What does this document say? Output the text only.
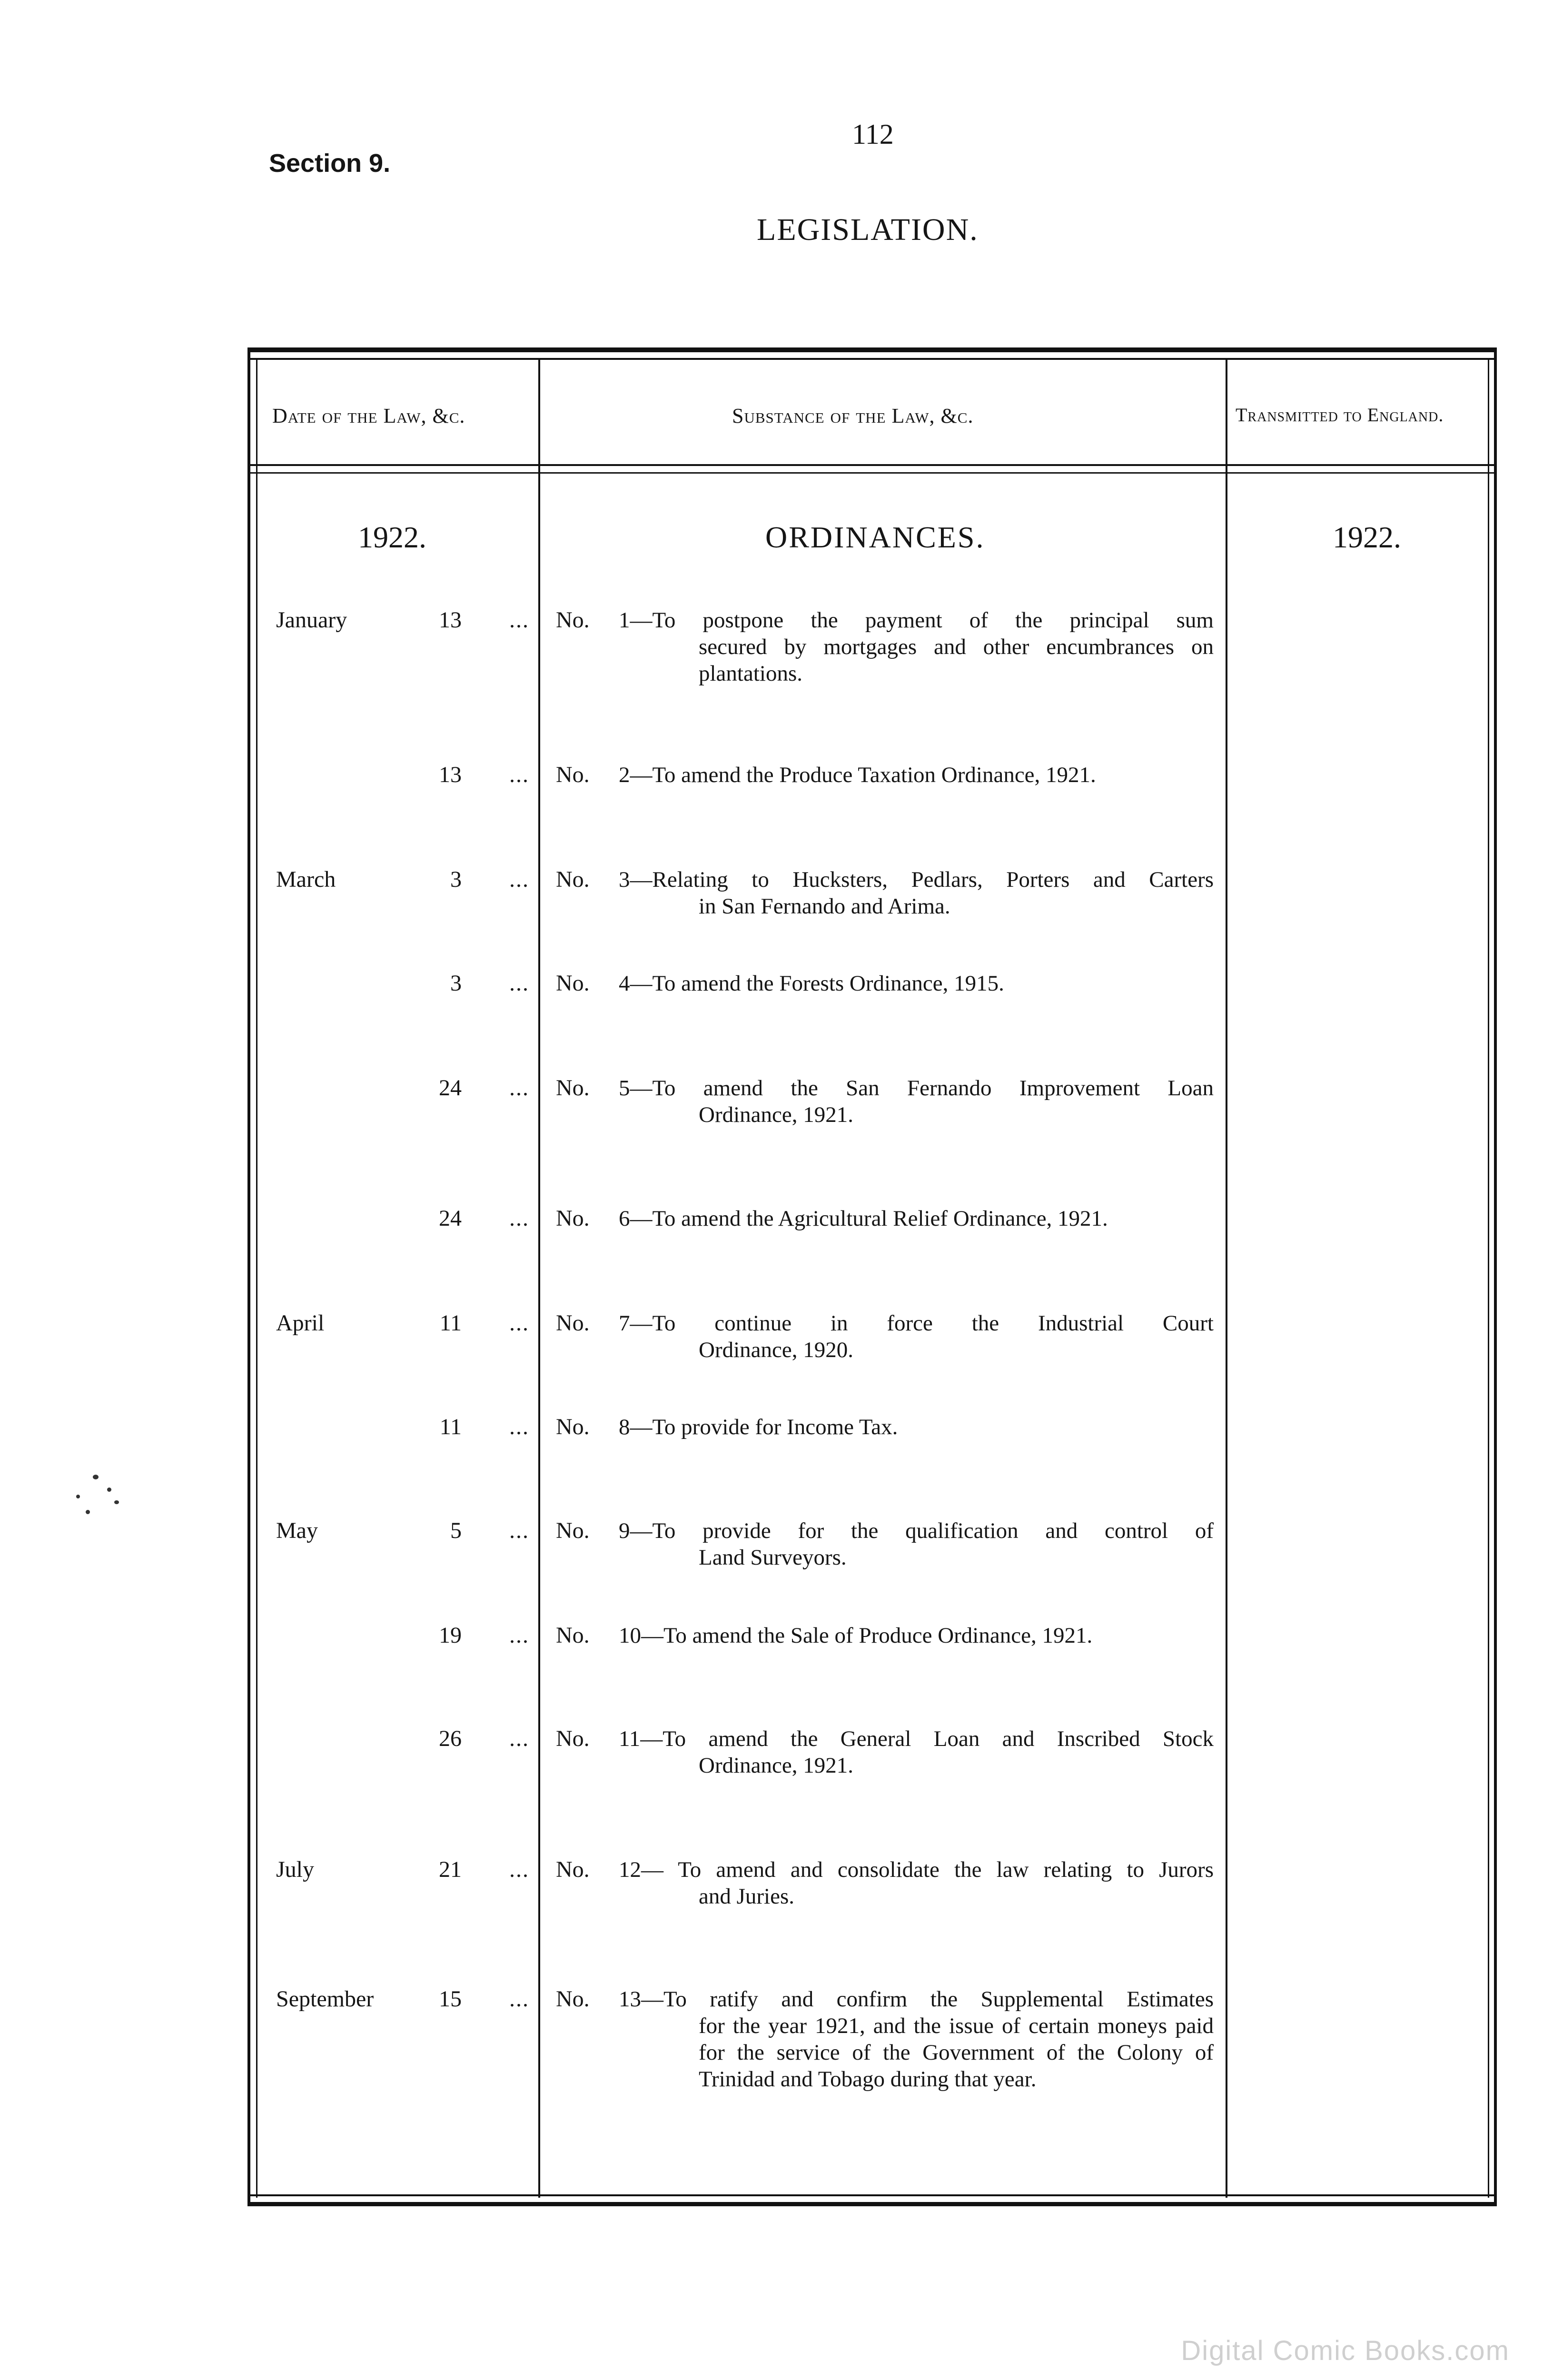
Section 9.
112
LEGISLATION.
Date of the Law, &c.	Substance of the Law, &c.	Transmitted to England.
1922.	ORDINANCES.	1922.
January	13 ... No. 1—To postpone the payment of the principal sum
secured by mortgages and other encumbrances on plantations.
13 ... No. 2—To amend the Produce Taxation Ordinance, 1921.
March	3 ... No. 3—Relating to Hucksters, Pedlars, Porters and Carters
in San Fernando and Arima.
3 ... No. 4—To amend the Forests Ordinance, 1915.
24 ... No. 5—To amend the San Fernando Improvement Loan
Ordinance, 1921.
24 ... No. 6—To amend the Agricultural Relief Ordinance, 1921.
April	11 ... No. 7—To continue in force the Industrial Court
Ordinance, 1920.
11 ... No. 8—To provide for Income Tax.
May	5 ... No. 9—To provide for the qualification and control of
Land Surveyors.
19 ... No. 10—To amend the Sale of Produce Ordinance, 1921.
26 ... No. 11—To amend the General Loan and Inscribed Stock
Ordinance, 1921.
July	21 ... No. 12— To amend and consolidate the law relating to Jurors
and Juries.
September	15 ... No. 13—To ratify and confirm the Supplemental Estimates
for the year 1921, and the issue of certain moneys paid for the service of the Government of the Colony of Trinidad and Tobago during that year.
Digital Comic Books.com
